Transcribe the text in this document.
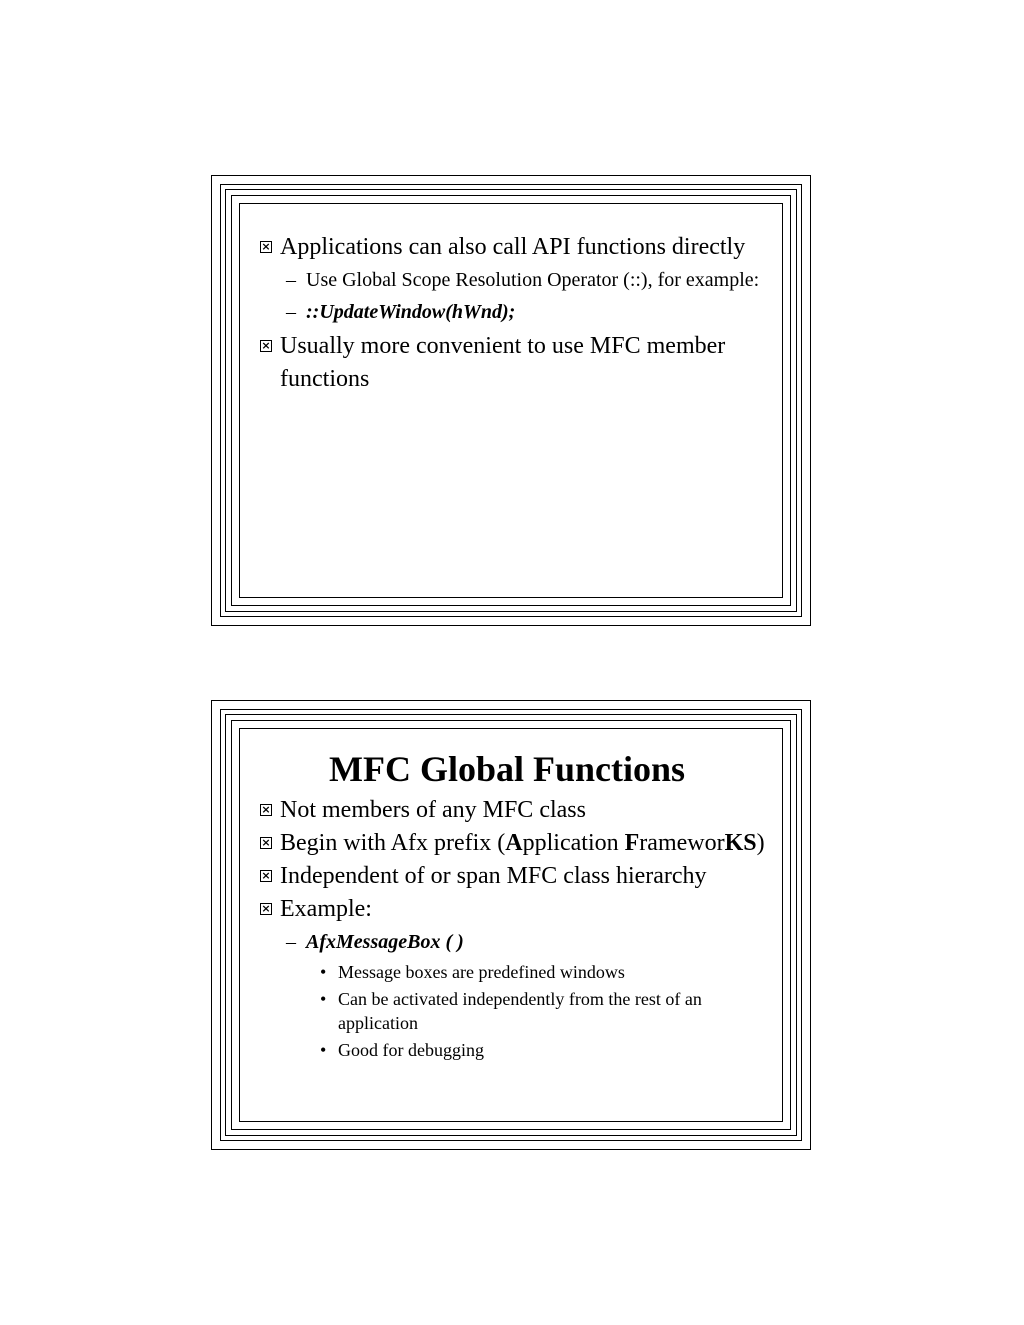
×
Applications can also call API functions directly

– Use Global Scope Resolution Operator (::), for example:

– ::UpdateWindow(hWnd);

×
Usually more convenient to use MFC member functions

MFC Global Functions

×
Not members of any MFC class

×
Begin with Afx prefix (Application FrameworKS)

×
Independent of or span MFC class hierarchy

×
Example:

– AfxMessageBox ( )

• Message boxes are predefined windows

• Can be activated independently from the rest of an application

• Good for debugging
